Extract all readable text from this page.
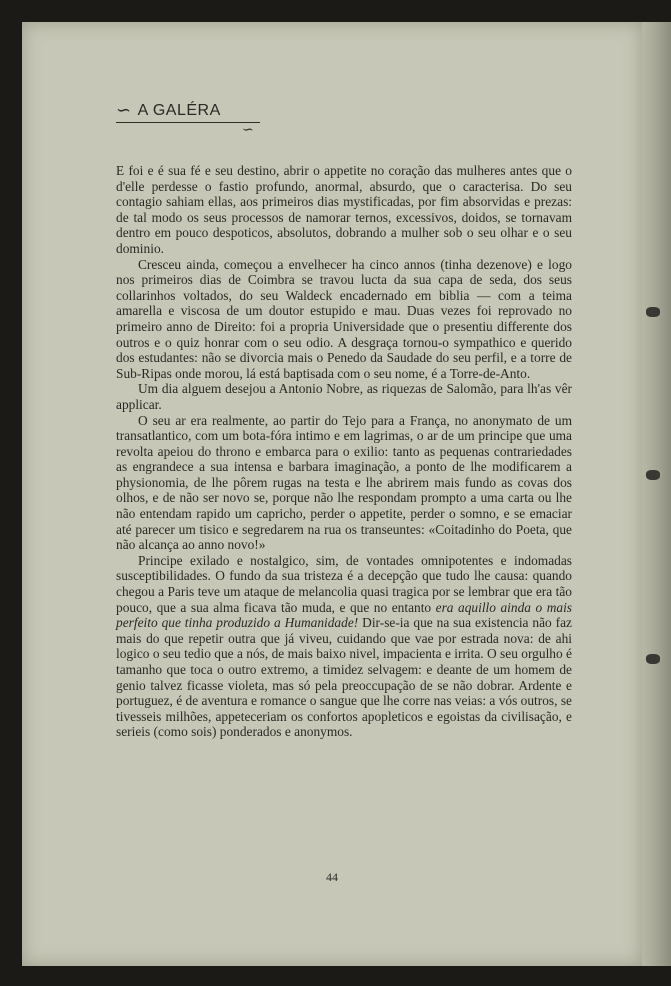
∽ A GALÉRA
∽

E foi e é sua fé e seu destino, abrir o appetite no coração das mulheres antes que o d'elle perdesse o fastio profundo, anormal, absurdo, que o caracterisa. Do seu contagio sahiam ellas, aos primeiros dias mystificadas, por fim absorvidas e prezas: de tal modo os seus processos de namorar ternos, excessivos, doidos, se tornavam dentro em pouco despoticos, absolutos, dobrando a mulher sob o seu olhar e o seu dominio.

Cresceu ainda, começou a envelhecer ha cinco annos (tinha dezenove) e logo nos primeiros dias de Coimbra se travou lucta da sua capa de seda, dos seus collarinhos voltados, do seu Waldeck encadernado em biblia — com a teima amarella e viscosa de um doutor estupido e mau. Duas vezes foi reprovado no primeiro anno de Direito: foi a propria Universidade que o presentiu differente dos outros e o quiz honrar com o seu odio. A desgraça tornou-o sympathico e querido dos estudantes: não se divorcia mais o Penedo da Saudade do seu perfil, e a torre de Sub-Ripas onde morou, lá está baptisada com o seu nome, é a Torre-de-Anto.

Um dia alguem desejou a Antonio Nobre, as riquezas de Salomão, para lh'as vêr applicar.

O seu ar era realmente, ao partir do Tejo para a França, no anonymato de um transatlantico, com um bota-fóra intimo e em lagrimas, o ar de um principe que uma revolta apeiou do throno e embarca para o exilio: tanto as pequenas contrariedades as engrandece a sua intensa e barbara imaginação, a ponto de lhe modificarem a physionomia, de lhe pôrem rugas na testa e lhe abrirem mais fundo as covas dos olhos, e de não ser novo se, porque não lhe respondam prompto a uma carta ou lhe não entendam rapido um capricho, perder o appetite, perder o somno, e se emaciar até parecer um tisico e segredarem na rua os transeuntes: «Coitadinho do Poeta, que não alcança ao anno novo!»

Principe exilado e nostalgico, sim, de vontades omnipotentes e indomadas susceptibilidades. O fundo da sua tristeza é a decepção que tudo lhe causa: quando chegou a Paris teve um ataque de melancolia quasi tragica por se lembrar que era tão pouco, que a sua alma ficava tão muda, e que no entanto era aquillo ainda o mais perfeito que tinha produzido a Humanidade! Dir-se-ia que na sua existencia não faz mais do que repetir outra que já viveu, cuidando que vae por estrada nova: de ahi logico o seu tedio que a nós, de mais baixo nivel, impacienta e irrita. O seu orgulho é tamanho que toca o outro extremo, a timidez selvagem: e deante de um homem de genio talvez ficasse violeta, mas só pela preoccupação de se não dobrar. Ardente e portuguez, é de aventura e romance o sangue que lhe corre nas veias: a vós outros, se tivesseis milhões, appeteceriam os confortos apopleticos e egoistas da civilisação, e serieis (como sois) ponderados e anonymos.

44
